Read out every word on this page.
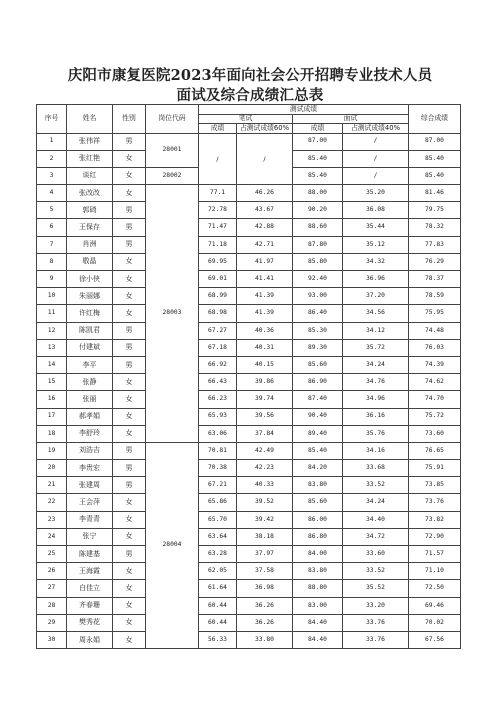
庆阳市康复医院2023年面向社会公开招聘专业技术人员
面试及综合成绩汇总表
序号	姓名	性别	岗位代码	测试成绩				综合成绩
				笔试		面试		
				成绩	占测试成绩60%	成绩	占测试成绩40%	
1	张伟祥	男	28001	/	/	87.00	/	87.00
2	张红艳	女				85.40	/	85.40
3	谈红	女	28002			85.40	/	85.40
4	张改改	女	28003	77.1	46.26	88.00	35.20	81.46
5	郭碕	男		72.78	43.67	90.20	36.08	79.75
6	王保存	男		71.47	42.88	88.60	35.44	78.32
7	肖洲	男		71.18	42.71	87.80	35.12	77.83
8	敬晶	女		69.95	41.97	85.80	34.32	76.29
9	徐小侠	女		69.01	41.41	92.40	36.96	78.37
10	朱丽娜	女		68.99	41.39	93.00	37.20	78.59
11	许红梅	女		68.98	41.39	86.40	34.56	75.95
12	陈凯君	男		67.27	40.36	85.30	34.12	74.48
13	付建斌	男		67.18	40.31	89.30	35.72	76.03
14	李平	男		66.92	40.15	85.60	34.24	74.39
15	张静	女		66.43	39.86	86.90	34.76	74.62
16	张丽	女		66.23	39.74	87.40	34.96	74.70
17	郝孝娟	女		65.93	39.56	90.40	36.16	75.72
18	李舒玲	女		63.06	37.84	89.40	35.76	73.60
19	刘浩吉	男	28004	70.81	42.49	85.40	34.16	76.65
20	李贵宏	男		70.38	42.23	84.20	33.68	75.91
21	张建周	男		67.21	40.33	83.80	33.52	73.85
22	王会萍	女		65.86	39.52	85.60	34.24	73.76
23	李青青	女		65.70	39.42	86.00	34.40	73.82
24	张宁	女		63.64	38.18	86.80	34.72	72.90
25	陈建基	男		63.28	37.97	84.00	33.60	71.57
26	王海霞	女		62.05	37.58	83.80	33.52	71.10
27	白佳立	女		61.64	36.98	88.80	35.52	72.50
28	齐春珊	女		60.44	36.26	83.00	33.20	69.46
29	樊秀花	女		60.44	36.26	84.40	33.76	70.02
30	周永娟	女		56.33	33.80	84.40	33.76	67.56
